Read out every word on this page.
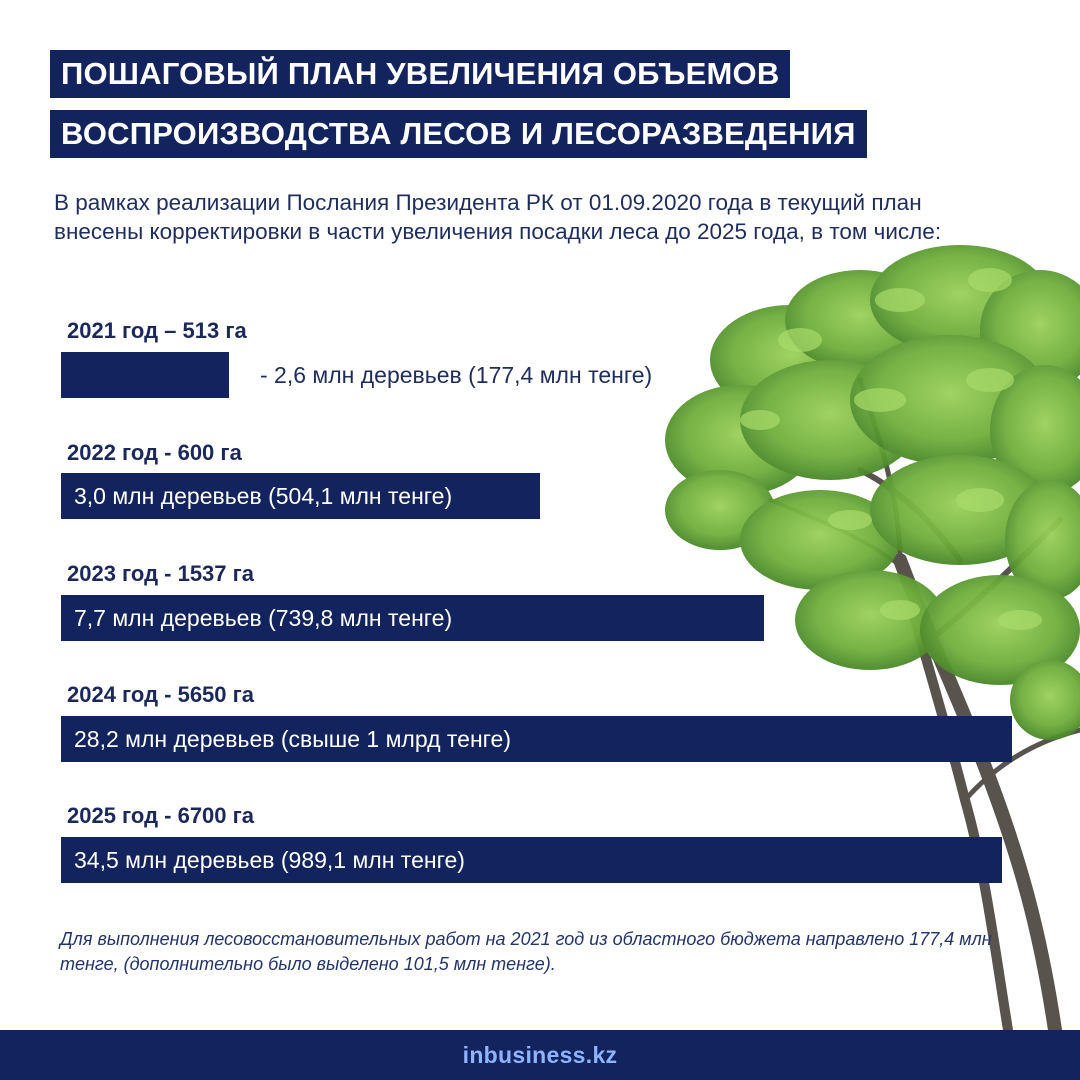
ПОШАГОВЫЙ ПЛАН УВЕЛИЧЕНИЯ ОБЪЕМОВ
ВОСПРОИЗВОДСТВА ЛЕСОВ И ЛЕСОРАЗВЕДЕНИЯ
В рамках реализации Послания Президента РК от 01.09.2020 года в текущий план внесены корректировки в части увеличения посадки леса до 2025 года, в том числе:
2021 год – 513 га
- 2,6 млн деревьев (177,4 млн тенге)
2022 год - 600 га
3,0 млн деревьев (504,1 млн тенге)
2023 год - 1537 га
7,7 млн деревьев (739,8 млн тенге)
2024 год - 5650 га
28,2 млн деревьев (свыше 1 млрд тенге)
2025 год - 6700 га
34,5 млн деревьев (989,1 млн тенге)
Для выполнения лесовосстановительных работ на 2021 год из областного бюджета направлено 177,4 млн тенге, (дополнительно было выделено 101,5 млн тенге).
inbusiness.kz
